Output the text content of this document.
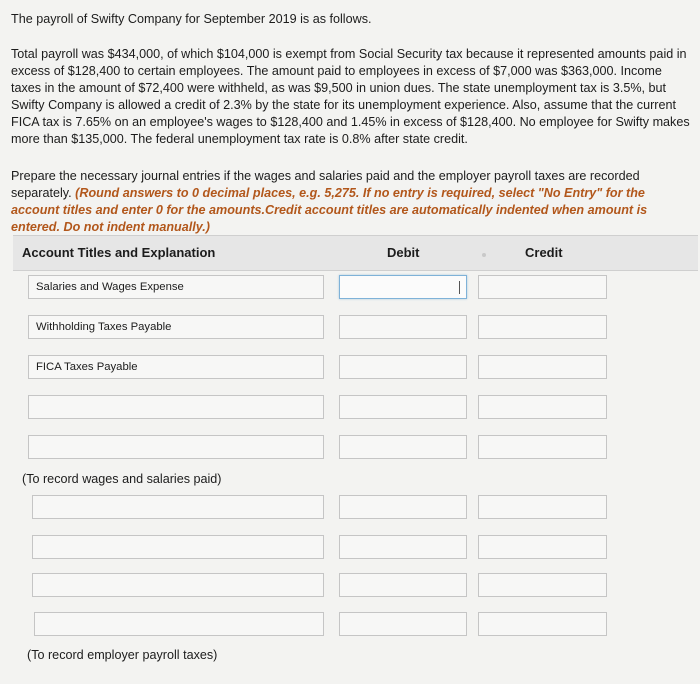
The payroll of Swifty Company for September 2019 is as follows.

Total payroll was $434,000, of which $104,000 is exempt from Social Security tax because it represented amounts paid in excess of $128,400 to certain employees. The amount paid to employees in excess of $7,000 was $363,000. Income taxes in the amount of $72,400 were withheld, as was $9,500 in union dues. The state unemployment tax is 3.5%, but Swifty Company is allowed a credit of 2.3% by the state for its unemployment experience. Also, assume that the current FICA tax is 7.65% on an employee's wages to $128,400 and 1.45% in excess of $128,400. No employee for Swifty makes more than $135,000. The federal unemployment tax rate is 0.8% after state credit.

Prepare the necessary journal entries if the wages and salaries paid and the employer payroll taxes are recorded separately. (Round answers to 0 decimal places, e.g. 5,275. If no entry is required, select "No Entry" for the account titles and enter 0 for the amounts.Credit account titles are automatically indented when amount is entered. Do not indent manually.)

Account Titles and Explanation	Debit	Credit
Salaries and Wages Expense
Withholding Taxes Payable
FICA Taxes Payable
(To record wages and salaries paid)
(To record employer payroll taxes)
